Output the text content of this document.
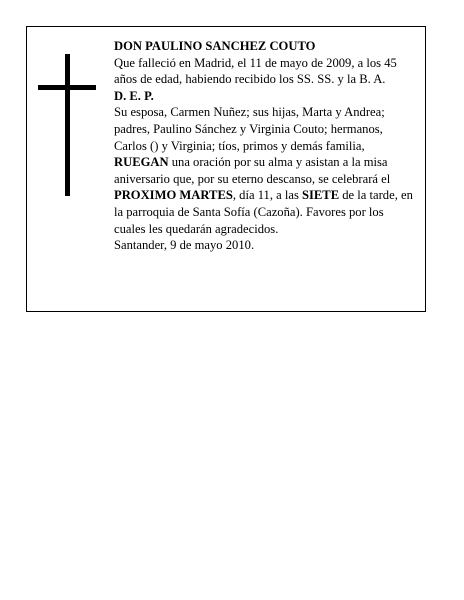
DON PAULINO SANCHEZ COUTO

Que falleció en Madrid, el 11 de mayo de 2009, a los 45 años de edad, habiendo recibido los SS. SS. y la B. A.

D. E. P.

Su esposa, Carmen Nuñez; sus hijas, Marta y Andrea; padres, Paulino Sánchez y Virginia Couto; hermanos, Carlos () y Virginia; tíos, primos y demás familia, RUEGAN una oración por su alma y asistan a la misa aniversario que, por su eterno descanso, se celebrará el PROXIMO MARTES, día 11, a las SIETE de la tarde, en la parroquia de Santa Sofía (Cazoña). Favores por los cuales les quedarán agradecidos.

Santander, 9 de mayo 2010.
